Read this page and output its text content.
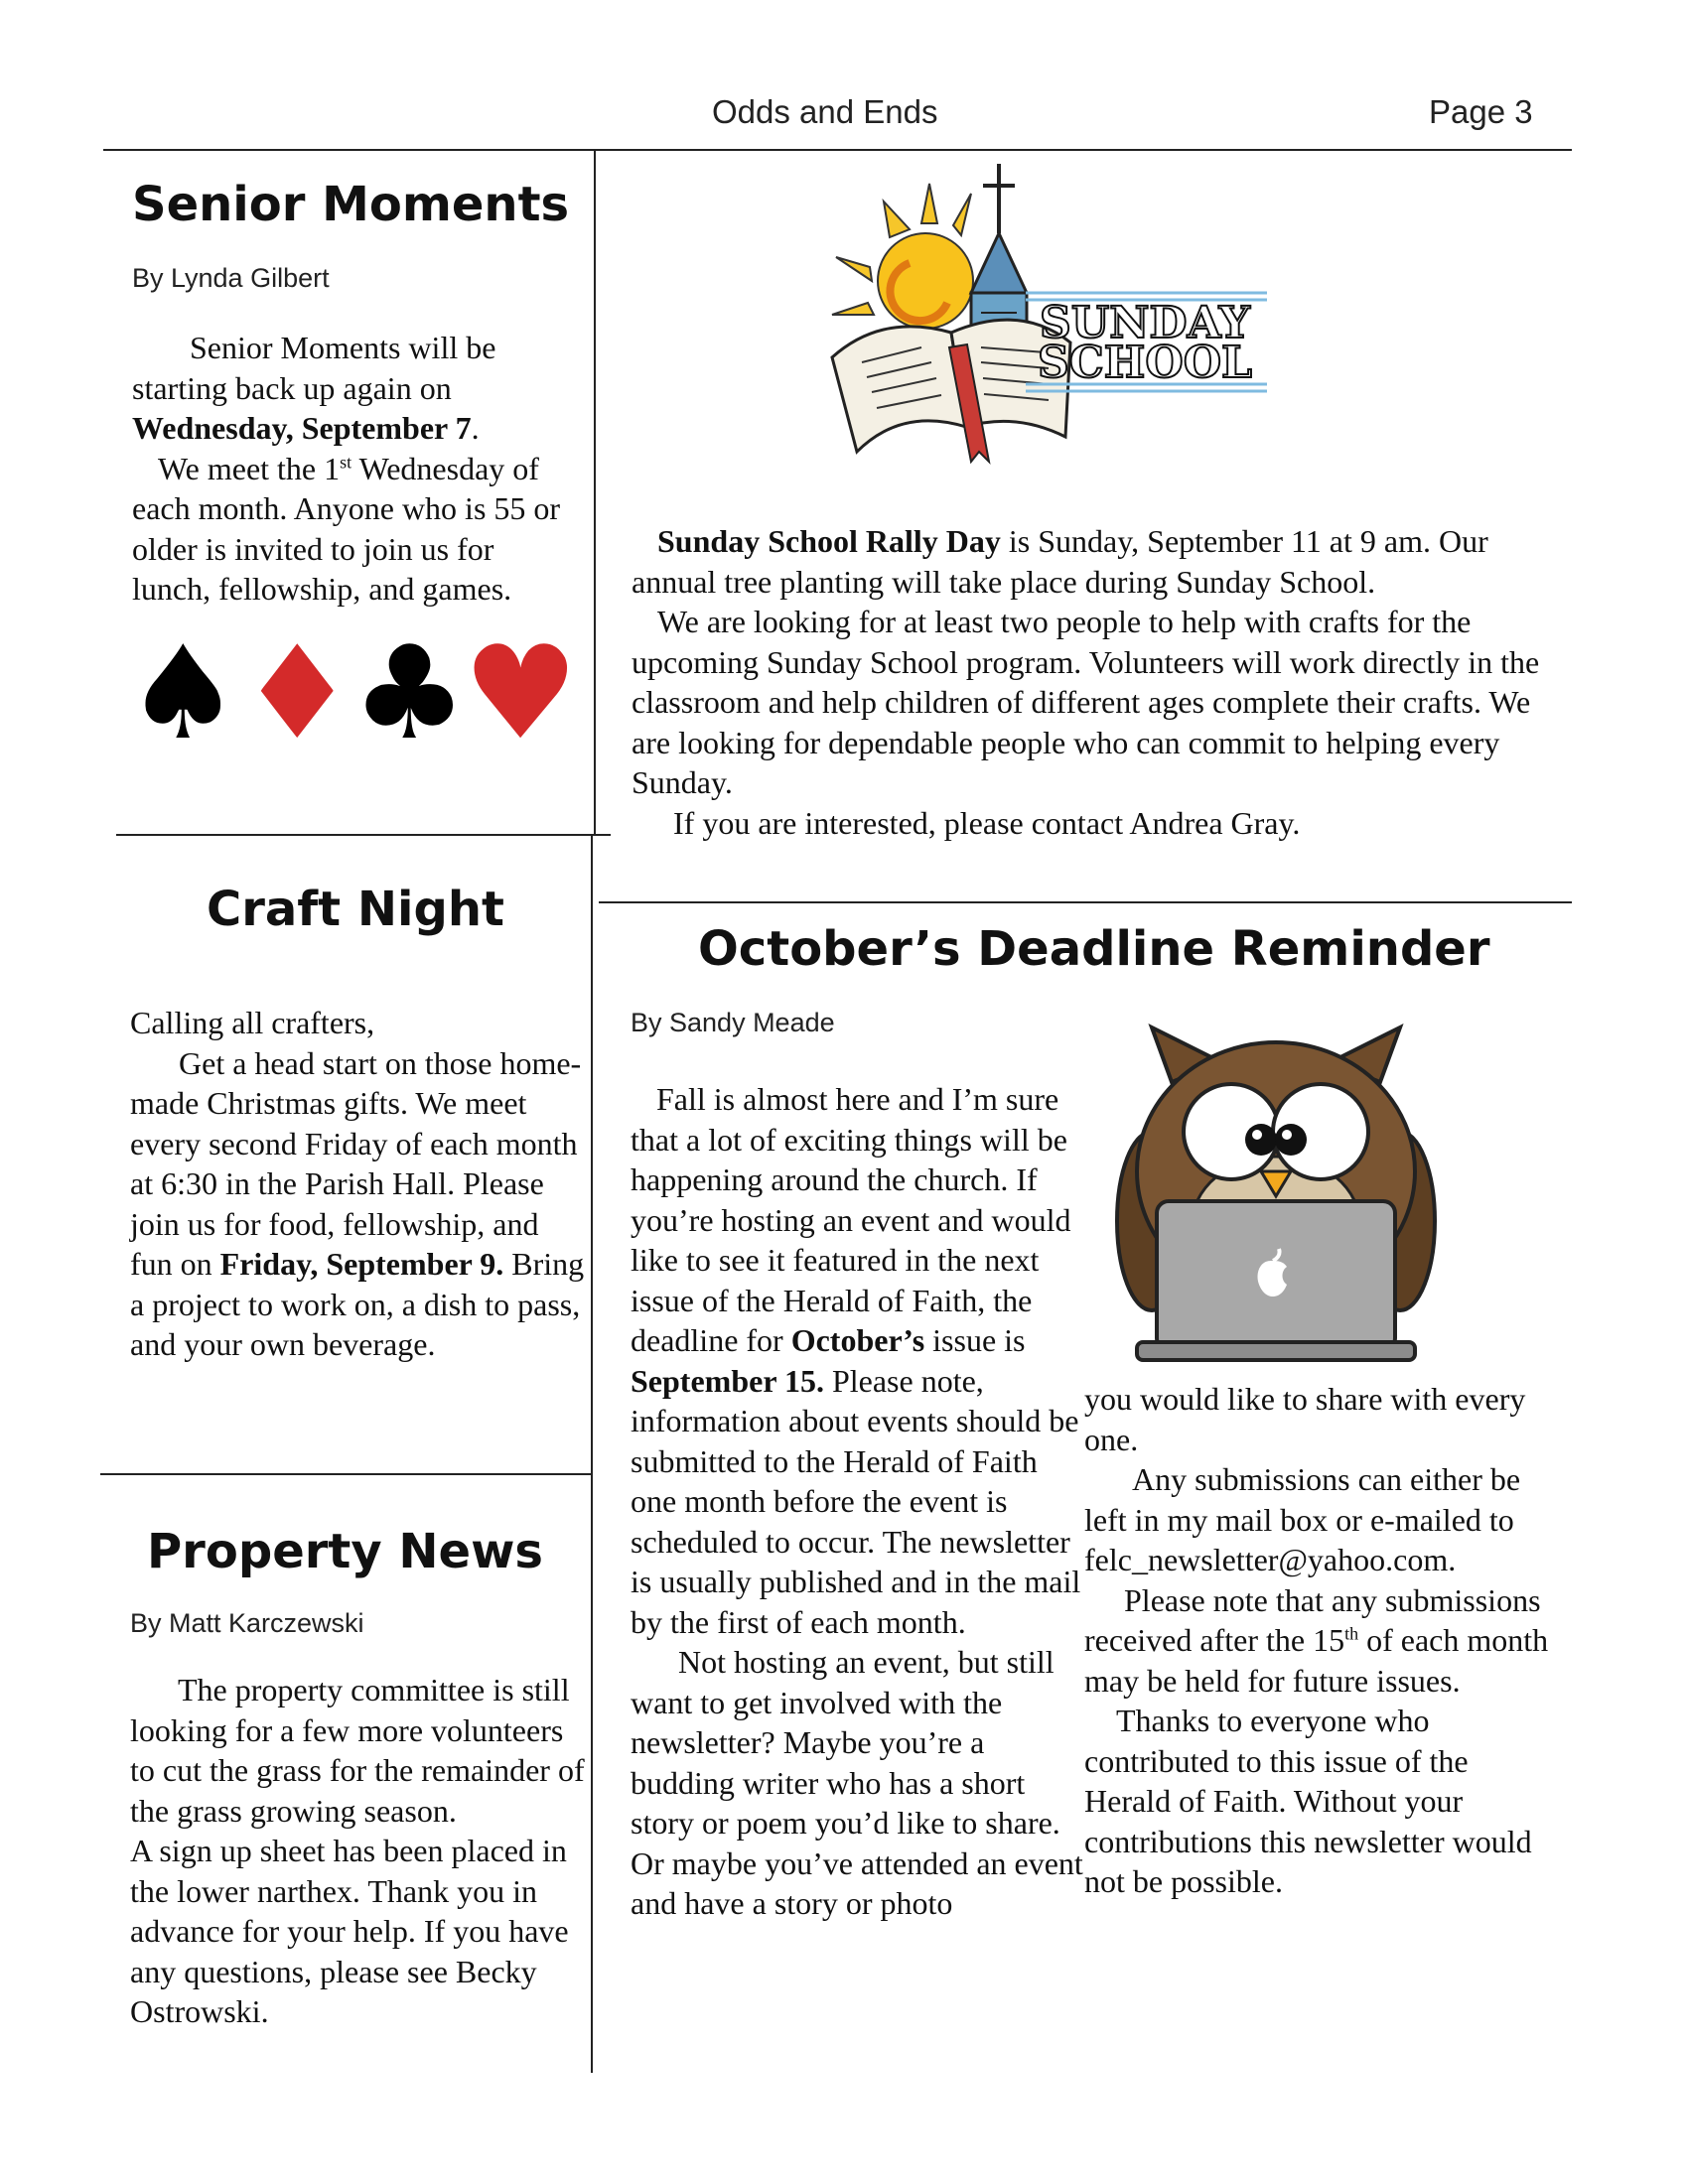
Odds and Ends	Page 3
Senior Moments
By Lynda Gilbert

Senior Moments will be starting back up again on Wednesday, September 7.

We meet the 1st Wednesday of each month. Anyone who is 55 or older is invited to join us for lunch, fellowship, and games.

♠
♦
♣
♥
SUNDAY
SCHOOL

Sunday School Rally Day is Sunday, September 11 at 9 am. Our annual tree planting will take place during Sunday School.

We are looking for at least two people to help with crafts for the upcoming Sunday School program. Volunteers will work directly in the classroom and help children of different ages complete their crafts. We are looking for dependable people who can commit to helping every Sunday.

If you are interested, please contact Andrea Gray.

Craft Night

Calling all crafters,

Get a head start on those home-made Christmas gifts. We meet every second Friday of each month at 6:30 in the Parish Hall. Please join us for food, fellowship, and fun on Friday, September 9. Bring a project to work on, a dish to pass, and your own beverage.

Property News
By Matt Karczewski

The property committee is still looking for a few more volunteers to cut the grass for the remainder of the grass growing season.

A sign up sheet has been placed in the lower narthex. Thank you in advance for your help. If you have any questions, please see Becky Ostrowski.

October’s Deadline Reminder
By Sandy Meade

Fall is almost here and I’m sure that a lot of exciting things will be happening around the church. If you’re hosting an event and would like to see it featured in the next issue of the Herald of Faith, the deadline for October’s issue is September 15. Please note, information about events should be submitted to the Herald of Faith one month before the event is scheduled to occur. The newsletter is usually published and in the mail by the first of each month.

Not hosting an event, but still want to get involved with the newsletter? Maybe you’re a budding writer who has a short story or poem you’d like to share. Or maybe you’ve attended an event and have a story or photo

you would like to share with every one.

Any submissions can either be left in my mail box or e-mailed to felc_newsletter@yahoo.com.

Please note that any submissions received after the 15th of each month may be held for future issues.

Thanks to everyone who contributed to this issue of the Herald of Faith. Without your contributions this newsletter would not be possible.
